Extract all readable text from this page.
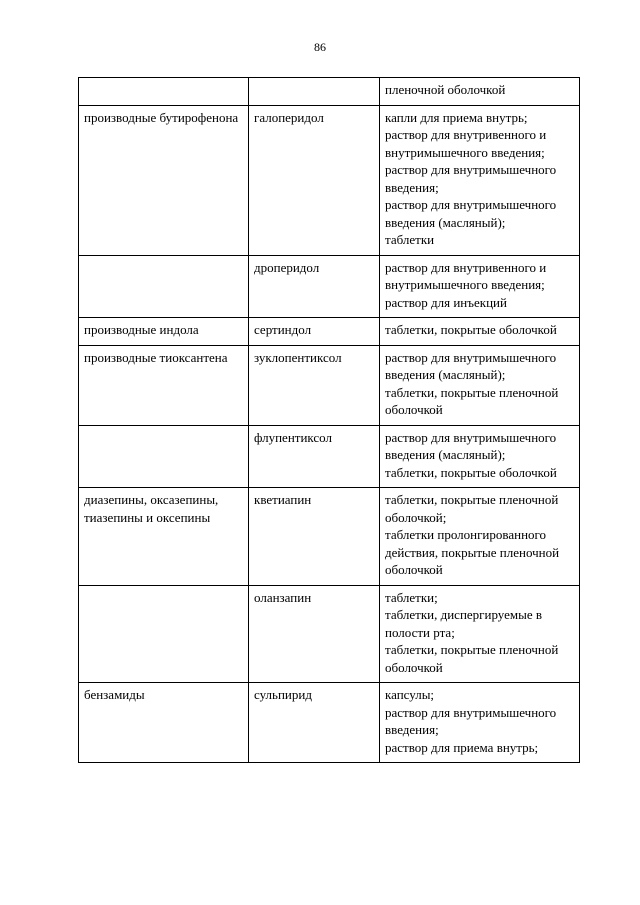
86

		пленочной оболочкой

производные бутирофенона	галоперидол	капли для приема внутрь;
раствор для внутривенного и внутримышечного введения;
раствор для внутримышечного введения;
раствор для внутримышечного введения (масляный);
таблетки

	дроперидол	раствор для внутривенного и внутримышечного введения;
раствор для инъекций

производные индола	сертиндол	таблетки, покрытые оболочкой

производные тиоксантена	зуклопентиксол	раствор для внутримышечного введения (масляный);
таблетки, покрытые пленочной оболочкой

	флупентиксол	раствор для внутримышечного введения (масляный);
таблетки, покрытые оболочкой

диазепины, оксазепины, тиазепины и оксепины	кветиапин	таблетки, покрытые пленочной оболочкой;
таблетки пролонгированного действия, покрытые пленочной оболочкой

	оланзапин	таблетки;
таблетки, диспергируемые в полости рта;
таблетки, покрытые пленочной оболочкой

бензамиды	сульпирид	капсулы;
раствор для внутримышечного введения;
раствор для приема внутрь;
